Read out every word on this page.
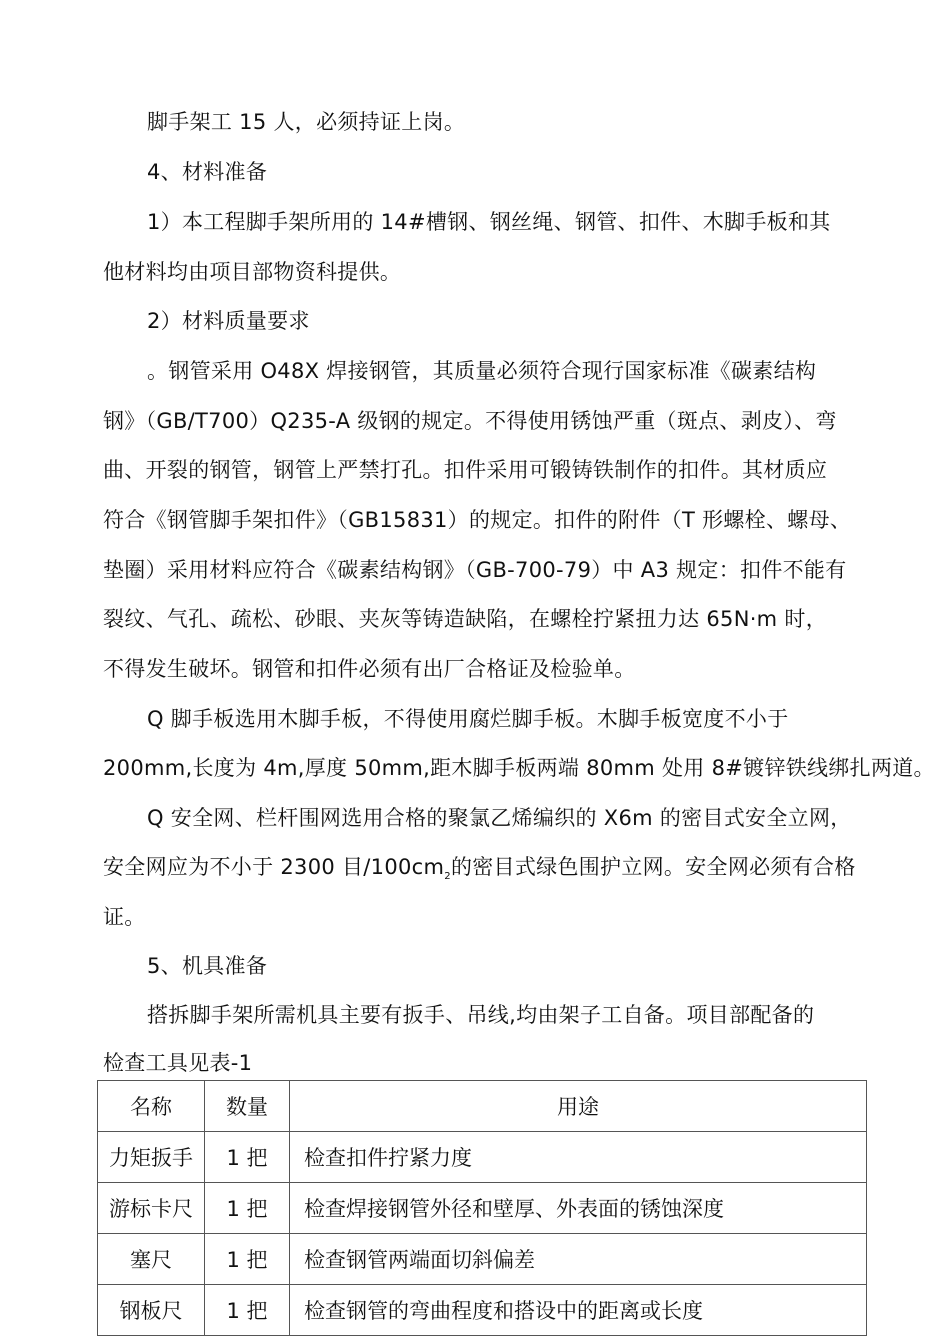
脚手架工 15 人，必须持证上岗。
4、材料准备
1）本工程脚手架所用的 14#槽钢、钢丝绳、钢管、扣件、木脚手板和其
他材料均由项目部物资科提供。
2）材料质量要求
。钢管采用 O48X 焊接钢管，其质量必须符合现行国家标准《碳素结构
钢》（GB/T700）Q235-A 级钢的规定。不得使用锈蚀严重（斑点、剥皮）、弯
曲、开裂的钢管，钢管上严禁打孔。扣件采用可锻铸铁制作的扣件。其材质应
符合《钢管脚手架扣件》（GB15831）的规定。扣件的附件（T 形螺栓、螺母、
垫圈）采用材料应符合《碳素结构钢》（GB-700-79）中 A3 规定：扣件不能有
裂纹、气孔、疏松、砂眼、夹灰等铸造缺陷，在螺栓拧紧扭力达 65N·m 时，
不得发生破坏。钢管和扣件必须有出厂合格证及检验单。
Q 脚手板选用木脚手板，不得使用腐烂脚手板。木脚手板宽度不小于
200mm,长度为 4m,厚度 50mm,距木脚手板两端 80mm 处用 8#镀锌铁线绑扎两道。
Q 安全网、栏杆围网选用合格的聚氯乙烯编织的 X6m 的密目式安全立网，
安全网应为不小于 2300 目$/100cm_2$的密目式绿色围护立网。安全网必须有合格
证。
5、机具准备
搭拆脚手架所需机具主要有扳手、吊线,均由架子工自备。项目部配备的
检查工具见表-1
名称	数量	用途
力矩扳手	1 把	检查扣件拧紧力度
游标卡尺	1 把	检查焊接钢管外径和壁厚、外表面的锈蚀深度
塞尺	1 把	检查钢管两端面切斜偏差
钢板尺	1 把	检查钢管的弯曲程度和搭设中的距离或长度
